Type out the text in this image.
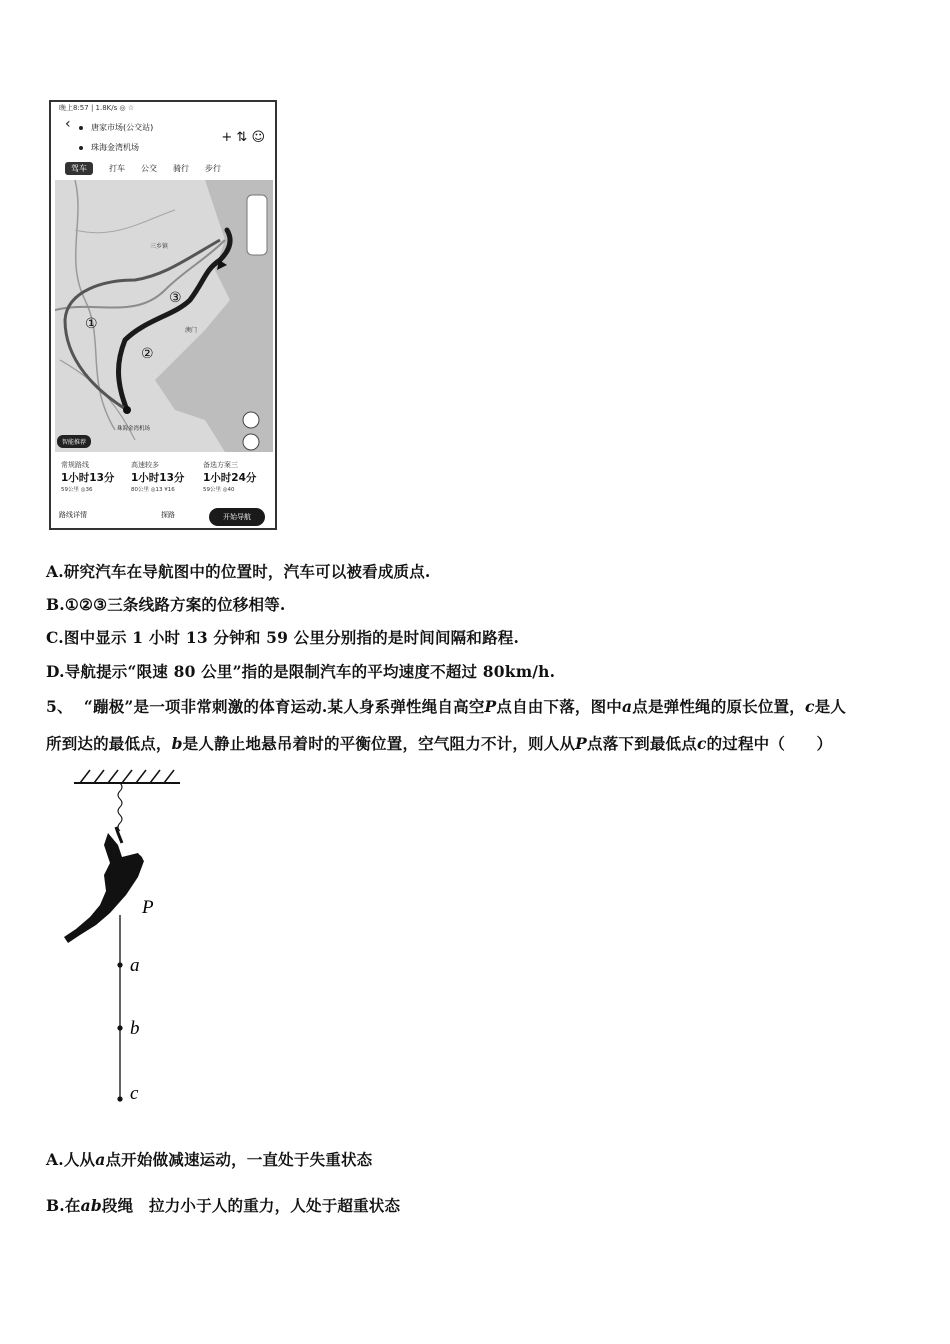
晚上8:57 | 1.8K/s ◎ ☆
‹	唐家市场(公交站)
珠海金湾机场
+ ⇅ ☺
驾车	打车 公交 骑行 步行
①
②
③
三乡镇
澳门
珠海金湾机场
智能推荐
常规路线
1小时13分
59公里 ◎36
高速较多
1小时13分
80公里 ◎13 ¥16
备选方案三
1小时24分
59公里 ◎40
路线详情	探路	开始导航
A.研究汽车在导航图中的位置时，汽车可以被看成质点.
B.①②③三条线路方案的位移相等.
C.图中显示 1 小时 13 分钟和 59 公里分别指的是时间间隔和路程.
D.导航提示“限速 80 公里”指的是限制汽车的平均速度不超过 80km/h.
5、 “蹦极”是一项非常刺激的体育运动.某人身系弹性绳自高空P点自由下落，图中a点是弹性绳的原长位置，c是人
所到达的最低点，b是人静止地悬吊着时的平衡位置，空气阻力不计，则人从P点落下到最低点c的过程中（　　）
P
a
b
c
A.人从a点开始做减速运动，一直处于失重状态
B.在ab段绳　拉力小于人的重力，人处于超重状态
